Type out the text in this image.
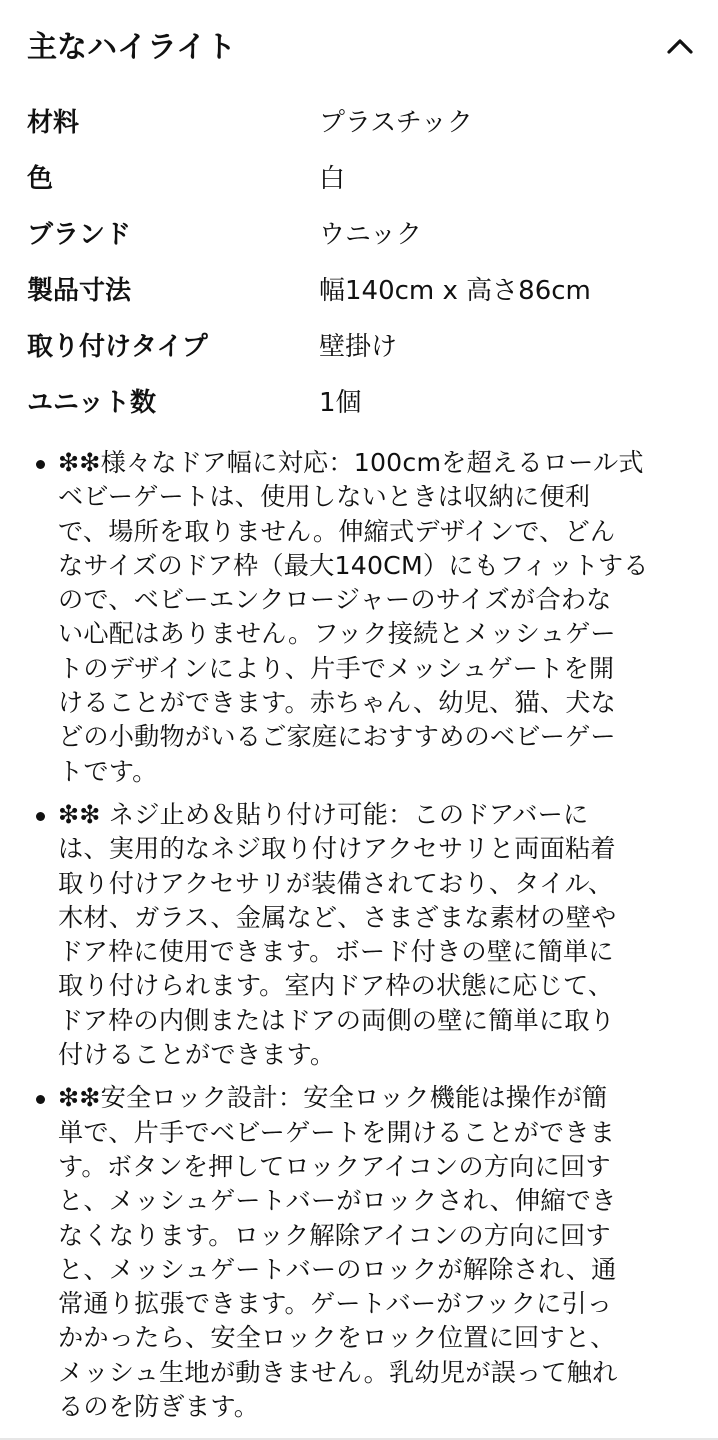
主なハイライト
材料	プラスチック
色	白
ブランド	ウニック
製品寸法	幅140cm x 高さ86cm
取り付けタイプ	壁掛け
ユニット数	1個
❇❇様々なドア幅に対応：100cmを超えるロール式
ベビーゲートは、使用しないときは収納に便利
で、場所を取りません。伸縮式デザインで、どん
なサイズのドア枠（最大140CM）にもフィットする
ので、ベビーエンクロージャーのサイズが合わな
い心配はありません。フック接続とメッシュゲー
トのデザインにより、片手でメッシュゲートを開
けることができます。赤ちゃん、幼児、猫、犬な
どの小動物がいるご家庭におすすめのベビーゲー
トです。
❇❇ ネジ止め＆貼り付け可能：このドアバーに
は、実用的なネジ取り付けアクセサリと両面粘着
取り付けアクセサリが装備されており、タイル、
木材、ガラス、金属など、さまざまな素材の壁や
ドア枠に使用できます。ボード付きの壁に簡単に
取り付けられます。室内ドア枠の状態に応じて、
ドア枠の内側またはドアの両側の壁に簡単に取り
付けることができます。
❇❇安全ロック設計：安全ロック機能は操作が簡
単で、片手でベビーゲートを開けることができま
す。ボタンを押してロックアイコンの方向に回す
と、メッシュゲートバーがロックされ、伸縮でき
なくなります。ロック解除アイコンの方向に回す
と、メッシュゲートバーのロックが解除され、通
常通り拡張できます。ゲートバーがフックに引っ
かかったら、安全ロックをロック位置に回すと、
メッシュ生地が動きません。乳幼児が誤って触れ
るのを防ぎます。
